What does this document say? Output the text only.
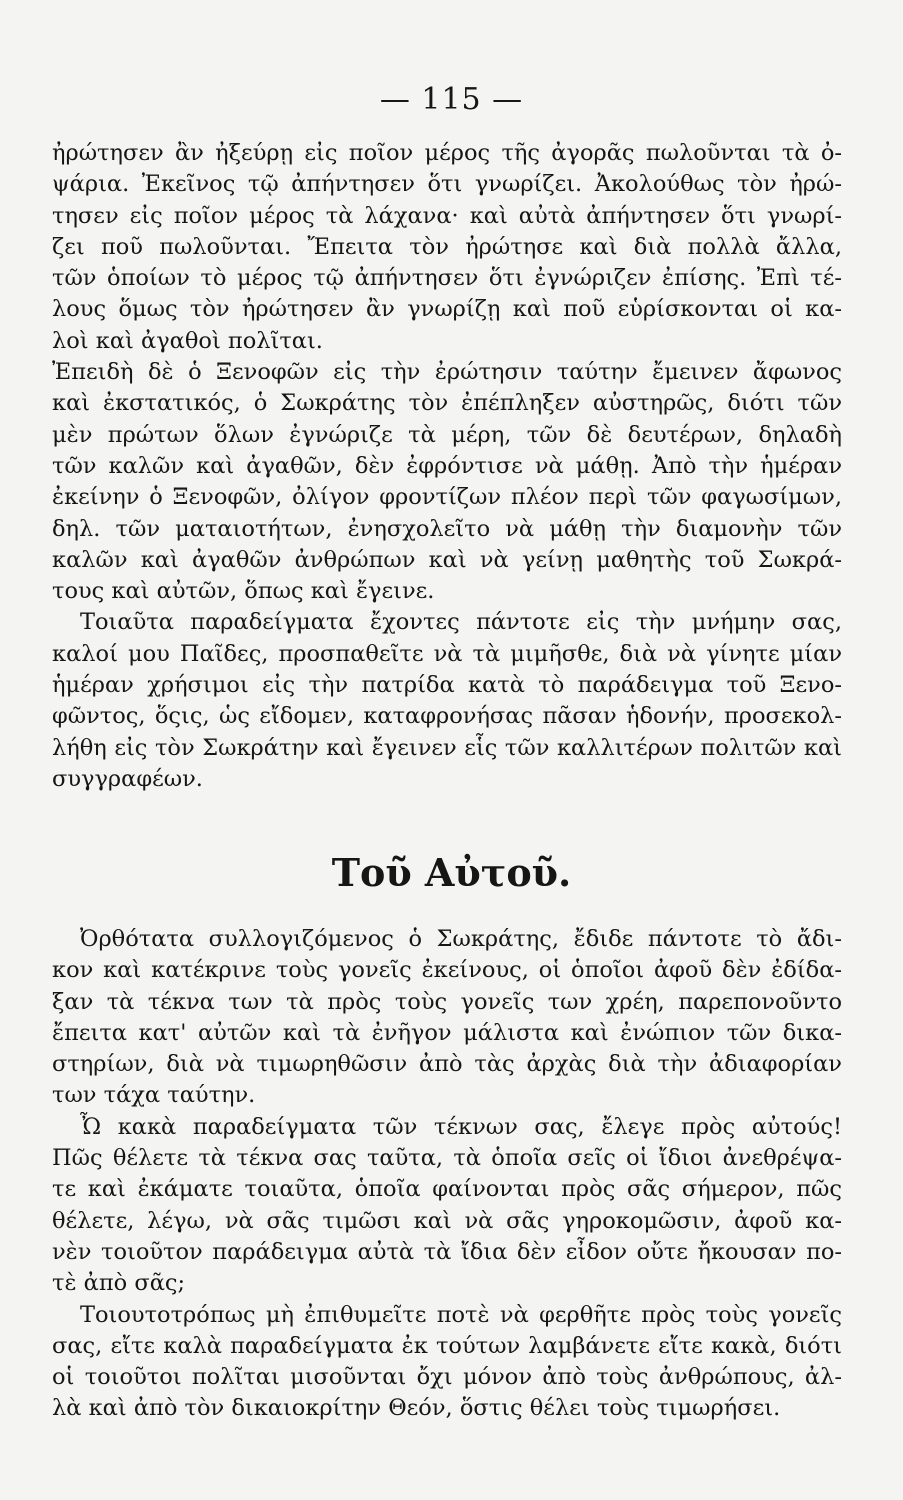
— 115 —
ἠρώτησεν ἂν ἠξεύρῃ εἰς ποῖον μέρος τῆς ἀγορᾶς πωλοῦνται τὰ ὀ-
ψάρια. Ἐκεῖνος τῷ ἀπήντησεν ὅτι γνωρίζει. Ἀκολούθως τὸν ἠρώ-
τησεν εἰς ποῖον μέρος τὰ λάχανα· καὶ αὐτὰ ἀπήντησεν ὅτι γνωρί-
ζει ποῦ πωλοῦνται. Ἔπειτα τὸν ἠρώτησε καὶ διὰ πολλὰ ἄλλα,
τῶν ὁποίων τὸ μέρος τῷ ἀπήντησεν ὅτι ἐγνώριζεν ἐπίσης. Ἐπὶ τέ-
λους ὅμως τὸν ἠρώτησεν ἂν γνωρίζῃ καὶ ποῦ εὑρίσκονται οἱ κα-
λοὶ καὶ ἀγαθοὶ πολῖται.
Ἐπειδὴ δὲ ὁ Ξενοφῶν εἰς τὴν ἐρώτησιν ταύτην ἔμεινεν ἄφωνος
καὶ ἐκστατικός, ὁ Σωκράτης τὸν ἐπέπληξεν αὐστηρῶς, διότι τῶν
μὲν πρώτων ὅλων ἐγνώριζε τὰ μέρη, τῶν δὲ δευτέρων, δηλαδὴ
τῶν καλῶν καὶ ἀγαθῶν, δὲν ἐφρόντισε νὰ μάθῃ. Ἀπὸ τὴν ἡμέραν
ἐκείνην ὁ Ξενοφῶν, ὀλίγον φροντίζων πλέον περὶ τῶν φαγωσίμων,
δηλ. τῶν ματαιοτήτων, ἐνησχολεῖτο νὰ μάθῃ τὴν διαμονὴν τῶν
καλῶν καὶ ἀγαθῶν ἀνθρώπων καὶ νὰ γείνῃ μαθητὴς τοῦ Σωκρά-
τους καὶ αὐτῶν, ὅπως καὶ ἔγεινε.
Τοιαῦτα παραδείγματα ἔχοντες πάντοτε εἰς τὴν μνήμην σας,
καλοί μου Παῖδες, προσπαθεῖτε νὰ τὰ μιμῆσθε, διὰ νὰ γίνητε μίαν
ἡμέραν χρήσιμοι εἰς τὴν πατρίδα κατὰ τὸ παράδειγμα τοῦ Ξενο-
φῶντος, ὅςις, ὡς εἴδομεν, καταφρονήσας πᾶσαν ἡδονήν, προσεκολ-
λήθη εἰς τὸν Σωκράτην καὶ ἔγεινεν εἷς τῶν καλλιτέρων πολιτῶν καὶ
συγγραφέων.
Τοῦ Αὐτοῦ.
Ὀρθότατα συλλογιζόμενος ὁ Σωκράτης, ἔδιδε πάντοτε τὸ ἄδι-
κον καὶ κατέκρινε τοὺς γονεῖς ἐκείνους, οἱ ὁποῖοι ἀφοῦ δὲν ἐδίδα-
ξαν τὰ τέκνα των τὰ πρὸς τοὺς γονεῖς των χρέη, παρεπονοῦντο
ἔπειτα κατ' αὐτῶν καὶ τὰ ἐνῆγον μάλιστα καὶ ἐνώπιον τῶν δικα-
στηρίων, διὰ νὰ τιμωρηθῶσιν ἀπὸ τὰς ἀρχὰς διὰ τὴν ἀδιαφορίαν
των τάχα ταύτην.
Ὦ κακὰ παραδείγματα τῶν τέκνων σας, ἔλεγε πρὸς αὐτούς!
Πῶς θέλετε τὰ τέκνα σας ταῦτα, τὰ ὁποῖα σεῖς οἱ ἴδιοι ἀνεθρέψα-
τε καὶ ἐκάματε τοιαῦτα, ὁποῖα φαίνονται πρὸς σᾶς σήμερον, πῶς
θέλετε, λέγω, νὰ σᾶς τιμῶσι καὶ νὰ σᾶς γηροκομῶσιν, ἀφοῦ κα-
νὲν τοιοῦτον παράδειγμα αὐτὰ τὰ ἴδια δὲν εἶδον οὔτε ἤκουσαν πο-
τὲ ἀπὸ σᾶς;
Τοιουτοτρόπως μὴ ἐπιθυμεῖτε ποτὲ νὰ φερθῆτε πρὸς τοὺς γονεῖς
σας, εἴτε καλὰ παραδείγματα ἐκ τούτων λαμβάνετε εἴτε κακὰ, διότι
οἱ τοιοῦτοι πολῖται μισοῦνται ὄχι μόνον ἀπὸ τοὺς ἀνθρώπους, ἀλ-
λὰ καὶ ἀπὸ τὸν δικαιοκρίτην Θεόν, ὅστις θέλει τοὺς τιμωρήσει.
